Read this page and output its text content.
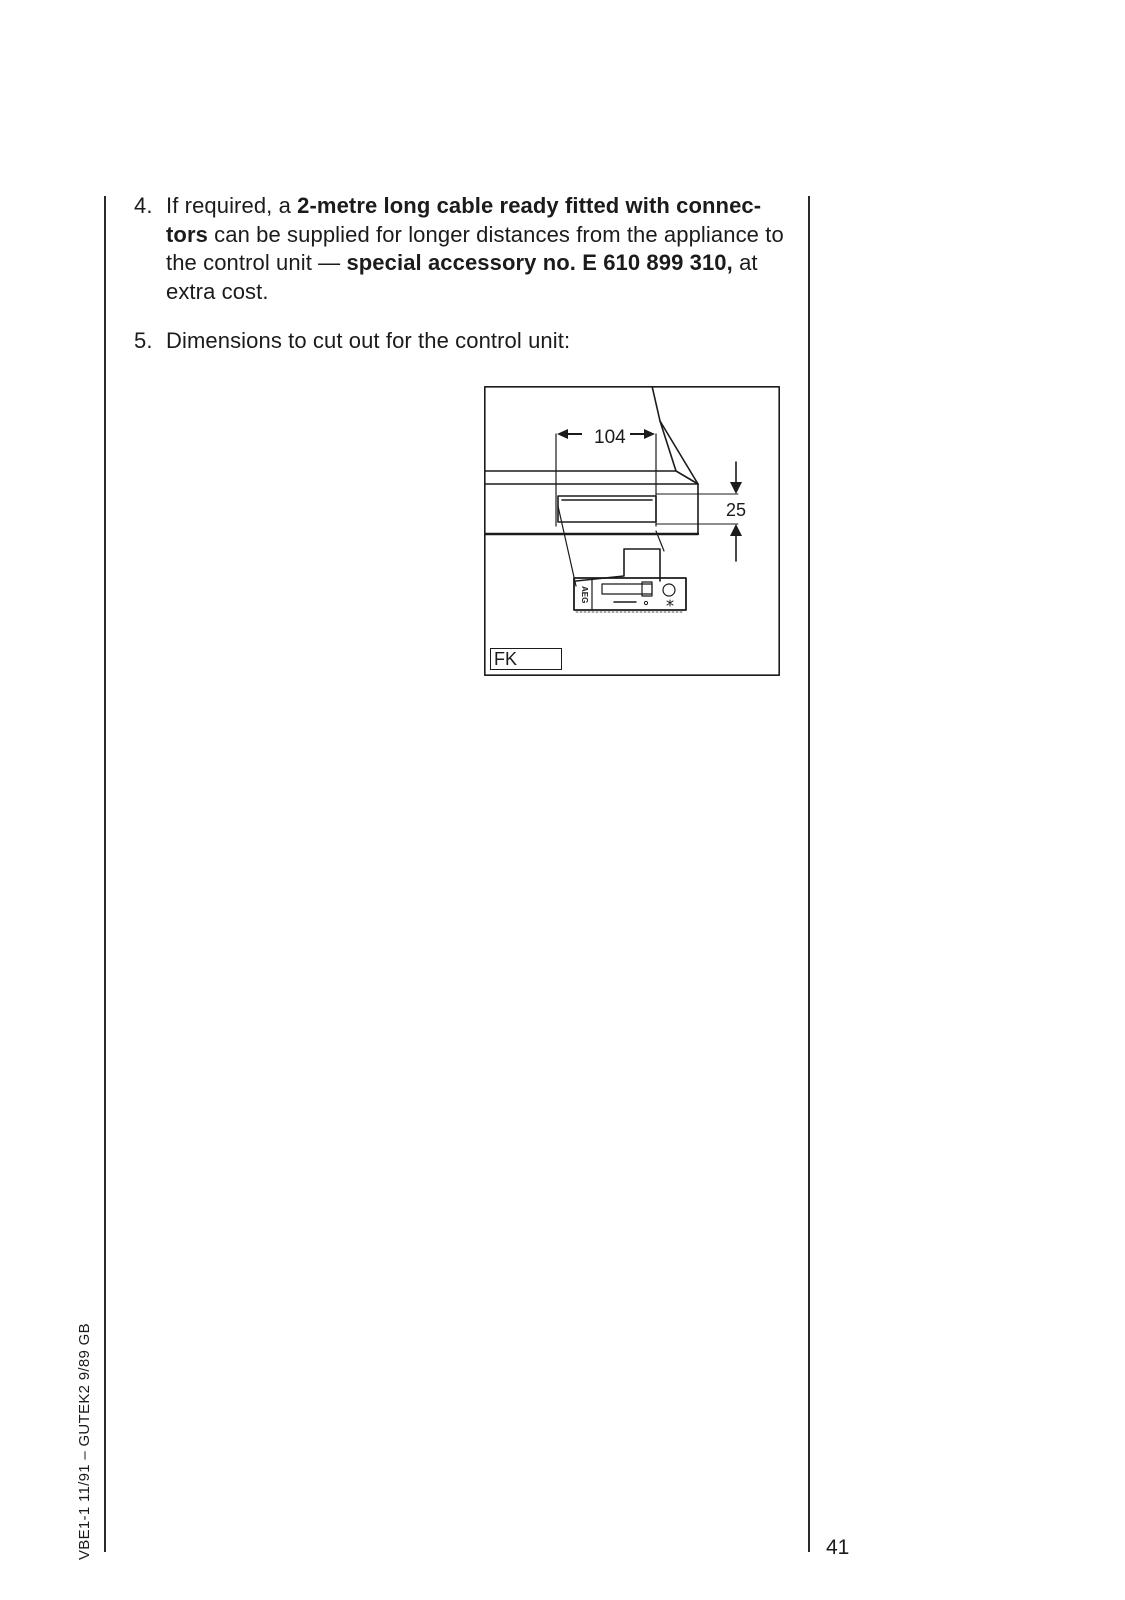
4. If required, a 2-metre long cable ready fitted with connec- tors can be supplied for longer distances from the appliance to the control unit — special accessory no. E 610 899 310, at extra cost.
5. Dimensions to cut out for the control unit:
104
25
AEG
FK
VBE1-1 11/91 – GUTEK2 9/89 GB	41
